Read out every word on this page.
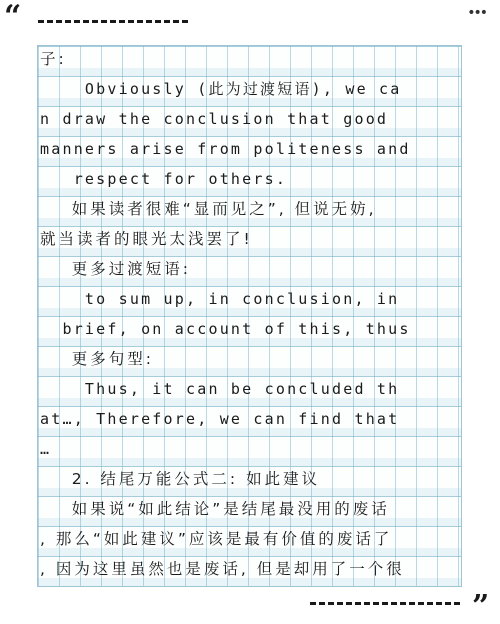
“	•••
子:
Obviously (此为过渡短语), we ca
n draw the conclusion that good
manners arise from politeness and
respect for others.
如果读者很难“显而见之”, 但说无妨,
就当读者的眼光太浅罢了!
更多过渡短语:
to sum up, in conclusion, in
brief, on account of this, thus
更多句型:
Thus, it can be concluded th
at…, Therefore, we can find that
…
2. 结尾万能公式二: 如此建议
如果说“如此结论”是结尾最没用的废话
, 那么“如此建议”应该是最有价值的废话了
, 因为这里虽然也是废话, 但是却用了一个很
”
